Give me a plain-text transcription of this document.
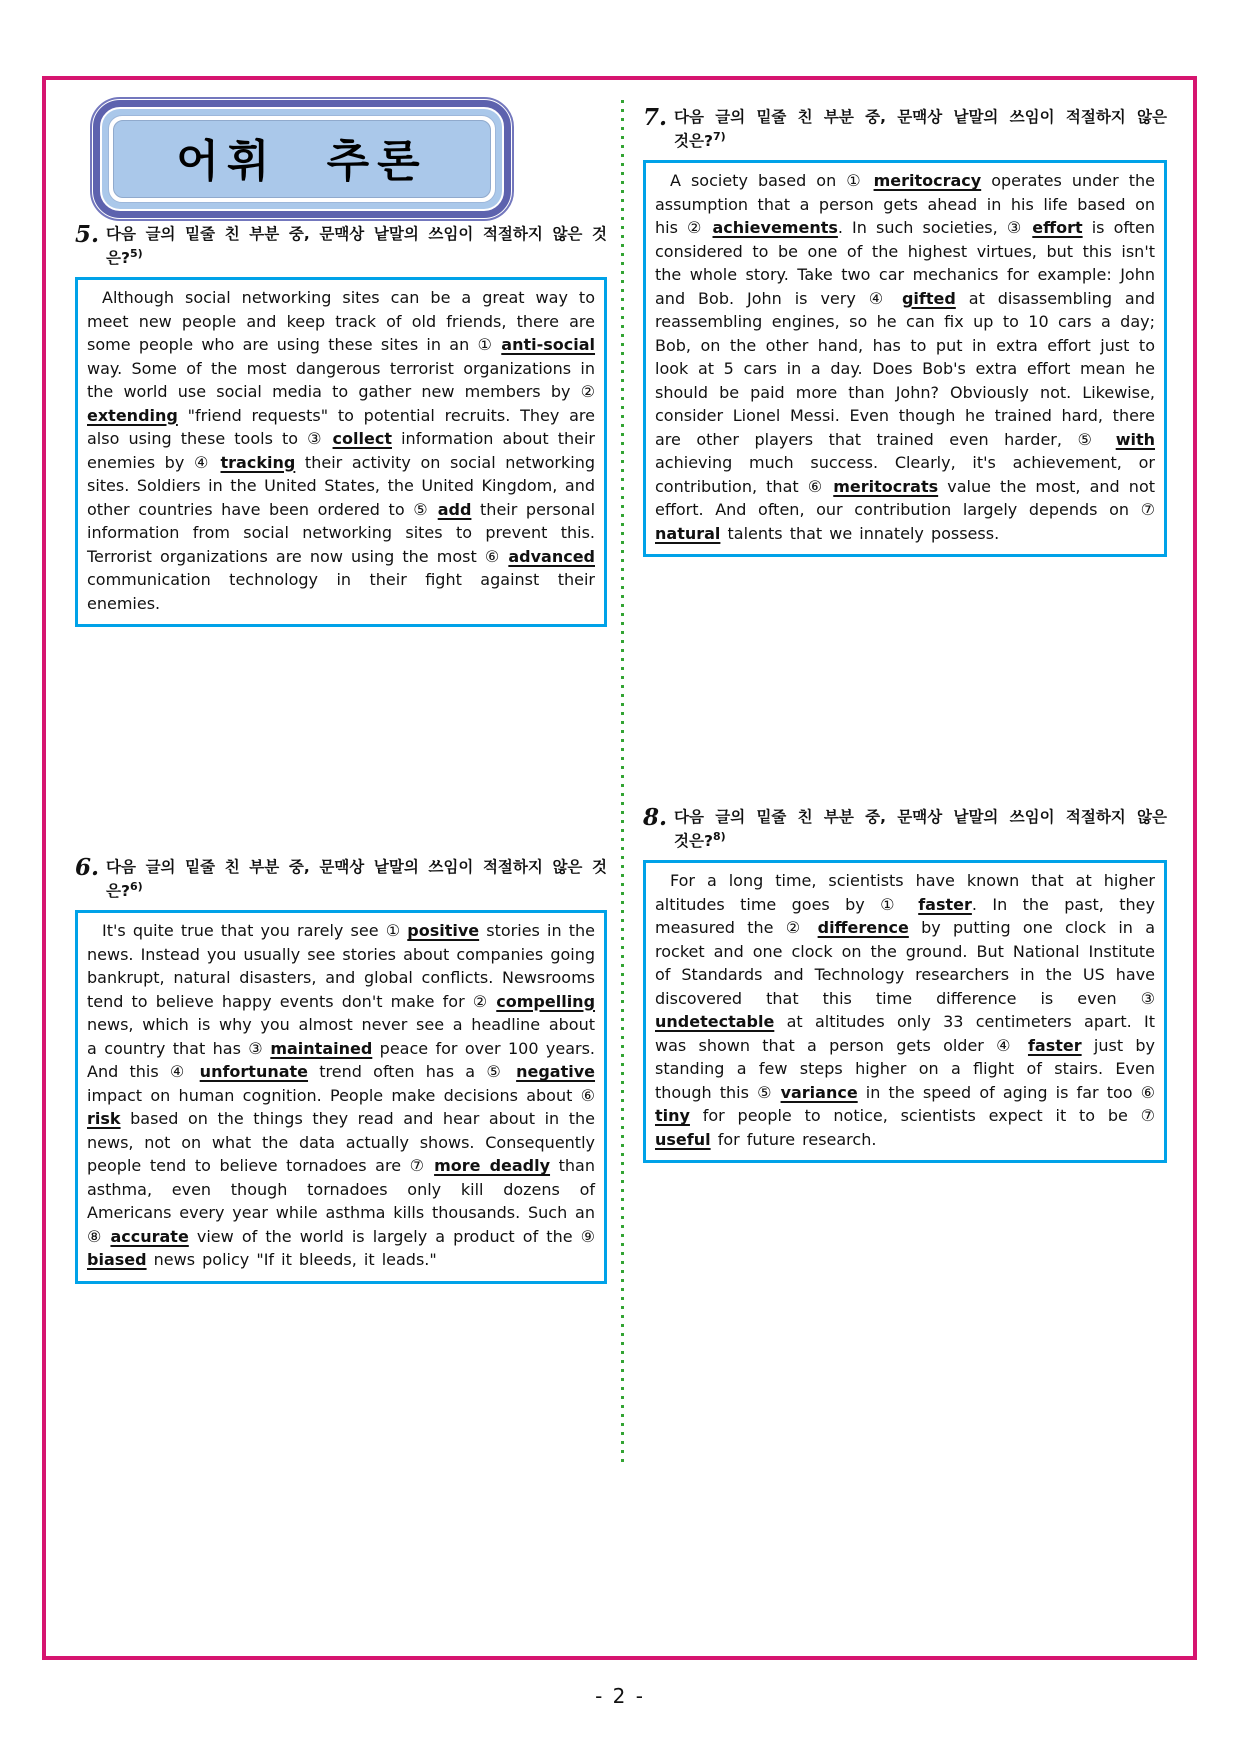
어휘 추론
5. 다음 글의 밑줄 친 부분 중, 문맥상 낱말의 쓰임이 적절하지 않은 것은?$^{5)}$
Although social networking sites can be a great way to meet new people and keep track of old friends, there are some people who are using these sites in an ① anti-social way. Some of the most dangerous terrorist organizations in the world use social media to gather new members by ② extending "friend requests" to potential recruits. They are also using these tools to ③ collect information about their enemies by ④ tracking their activity on social networking sites. Soldiers in the United States, the United Kingdom, and other countries have been ordered to ⑤ add their personal information from social networking sites to prevent this. Terrorist organizations are now using the most ⑥ advanced communication technology in their fight against their enemies.
6. 다음 글의 밑줄 친 부분 중, 문맥상 낱말의 쓰임이 적절하지 않은 것은?$^{6)}$
It's quite true that you rarely see ① positive stories in the news. Instead you usually see stories about companies going bankrupt, natural disasters, and global conflicts. Newsrooms tend to believe happy events don't make for ② compelling news, which is why you almost never see a headline about a country that has ③ maintained peace for over 100 years. And this ④ unfortunate trend often has a ⑤ negative impact on human cognition. People make decisions about ⑥ risk based on the things they read and hear about in the news, not on what the data actually shows. Consequently people tend to believe tornadoes are ⑦ more deadly than asthma, even though tornadoes only kill dozens of Americans every year while asthma kills thousands. Such an ⑧ accurate view of the world is largely a product of the ⑨ biased news policy "If it bleeds, it leads."
7. 다음 글의 밑줄 친 부분 중, 문맥상 낱말의 쓰임이 적절하지 않은 것은?$^{7)}$
A society based on ① meritocracy operates under the assumption that a person gets ahead in his life based on his ② achievements. In such societies, ③ effort is often considered to be one of the highest virtues, but this isn't the whole story. Take two car mechanics for example: John and Bob. John is very ④ gifted at disassembling and reassembling engines, so he can fix up to 10 cars a day; Bob, on the other hand, has to put in extra effort just to look at 5 cars in a day. Does Bob's extra effort mean he should be paid more than John? Obviously not. Likewise, consider Lionel Messi. Even though he trained hard, there are other players that trained even harder, ⑤ with achieving much success. Clearly, it's achievement, or contribution, that ⑥ meritocrats value the most, and not effort. And often, our contribution largely depends on ⑦ natural talents that we innately possess.
8. 다음 글의 밑줄 친 부분 중, 문맥상 낱말의 쓰임이 적절하지 않은 것은?$^{8)}$
For a long time, scientists have known that at higher altitudes time goes by ① faster. In the past, they measured the ② difference by putting one clock in a rocket and one clock on the ground. But National Institute of Standards and Technology researchers in the US have discovered that this time difference is even ③ undetectable at altitudes only 33 centimeters apart. It was shown that a person gets older ④ faster just by standing a few steps higher on a flight of stairs. Even though this ⑤ variance in the speed of aging is far too ⑥ tiny for people to notice, scientists expect it to be ⑦ useful for future research.
- 2 -
